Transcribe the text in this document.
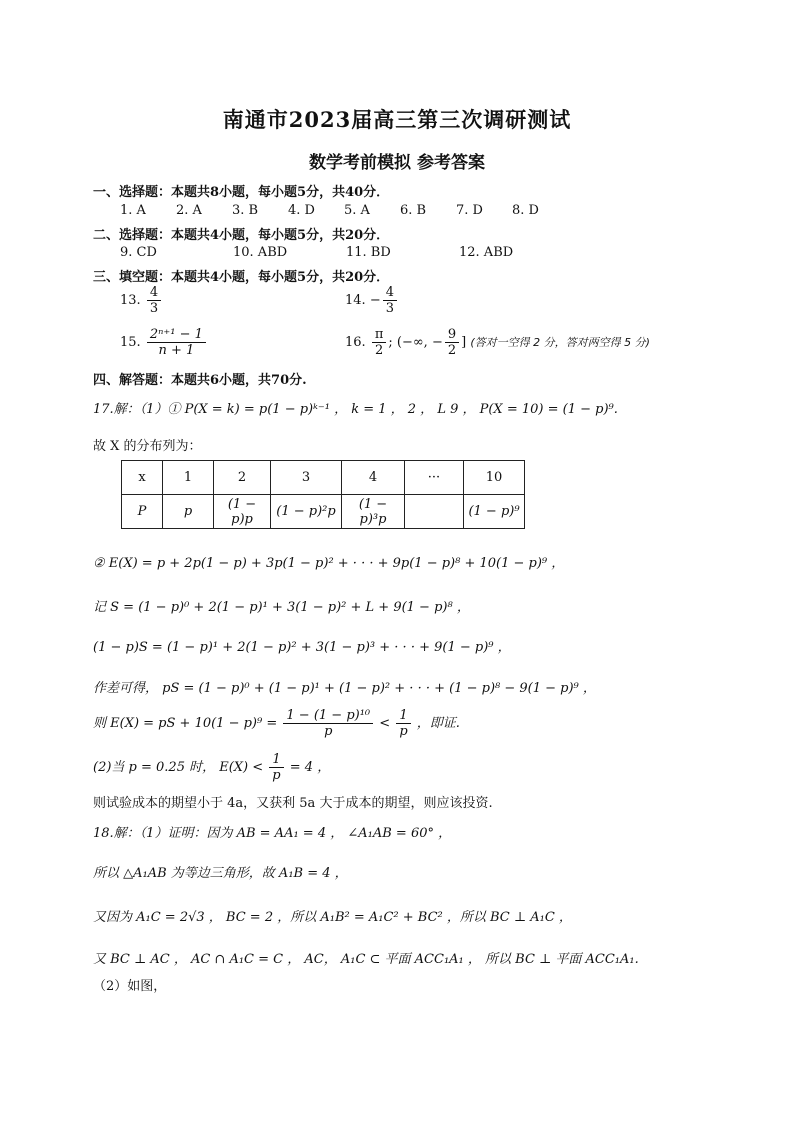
南通市2023届高三第三次调研测试
数学考前模拟 参考答案
一、选择题：本题共8小题，每小题5分，共40分．
1. A 2. A 3. B 4. D 5. A 6. B 7. D 8. D
二、选择题：本题共4小题，每小题5分，共20分．
9. CD	10. ABD	11. BD	12. ABD
三、填空题：本题共4小题，每小题5分，共20分．
13. $\frac{4}{3}$	14. − $\frac{4}{3}$
15. $\frac{\text{2ⁿ⁺¹ − 1}}{n + 1}$	16. $\frac{\pi}{2}$ ; (−∞, − $\frac{9}{2}$ ] (答对一空得 2 分，答对两空得 5 分)
四、解答题：本题共6小题，共70分.
17.解：（1）① P(X = k) = p(1 − p)ᵏ⁻¹ ， k = 1 ， 2 ， L 9 ， P(X = 10) = (1 − p)⁹.
故 X 的分布列为：
x	1	2	3	4	···	10
P	p	(1 − p)p	(1 − p)²p	(1 − p)³p		(1 − p)⁹
② E(X) = p + 2p(1 − p) + 3p(1 − p)² + · · · + 9p(1 − p)⁸ + 10(1 − p)⁹ ，
记 S = (1 − p)⁰ + 2(1 − p)¹ + 3(1 − p)² + L + 9(1 − p)⁸ ，
(1 − p)S = (1 − p)¹ + 2(1 − p)² + 3(1 − p)³ + · · · + 9(1 − p)⁹ ，
作差可得， pS = (1 − p)⁰ + (1 − p)¹ + (1 − p)² + · · · + (1 − p)⁸ − 9(1 − p)⁹ ，
则 E(X) = pS + $10(1 - p)^9 = \frac{\text{1 − (1 − p)¹⁰}}{p} < \frac{1}{p}$ ，即证.
(2)当 p = 0.25 时， $E(X) < \frac{1}{p} = 4$ ，
则试验成本的期望小于 4a，又获利 5a 大于成本的期望，则应该投资.
18.解：（1）证明：因为 AB = AA₁ = 4 ， ∠A₁AB = 60° ，
所以 △A₁AB 为等边三角形，故 A₁B = 4 ，
又因为 A₁C = 2√3 ， BC = 2 ，所以 A₁B² = A₁C² + BC² ，所以 BC ⊥ A₁C ，
又 BC ⊥ AC ， AC ∩ A₁C = C ， AC， A₁C ⊂ 平面 ACC₁A₁ ， 所以 BC ⊥ 平面 ACC₁A₁.
（2）如图，
